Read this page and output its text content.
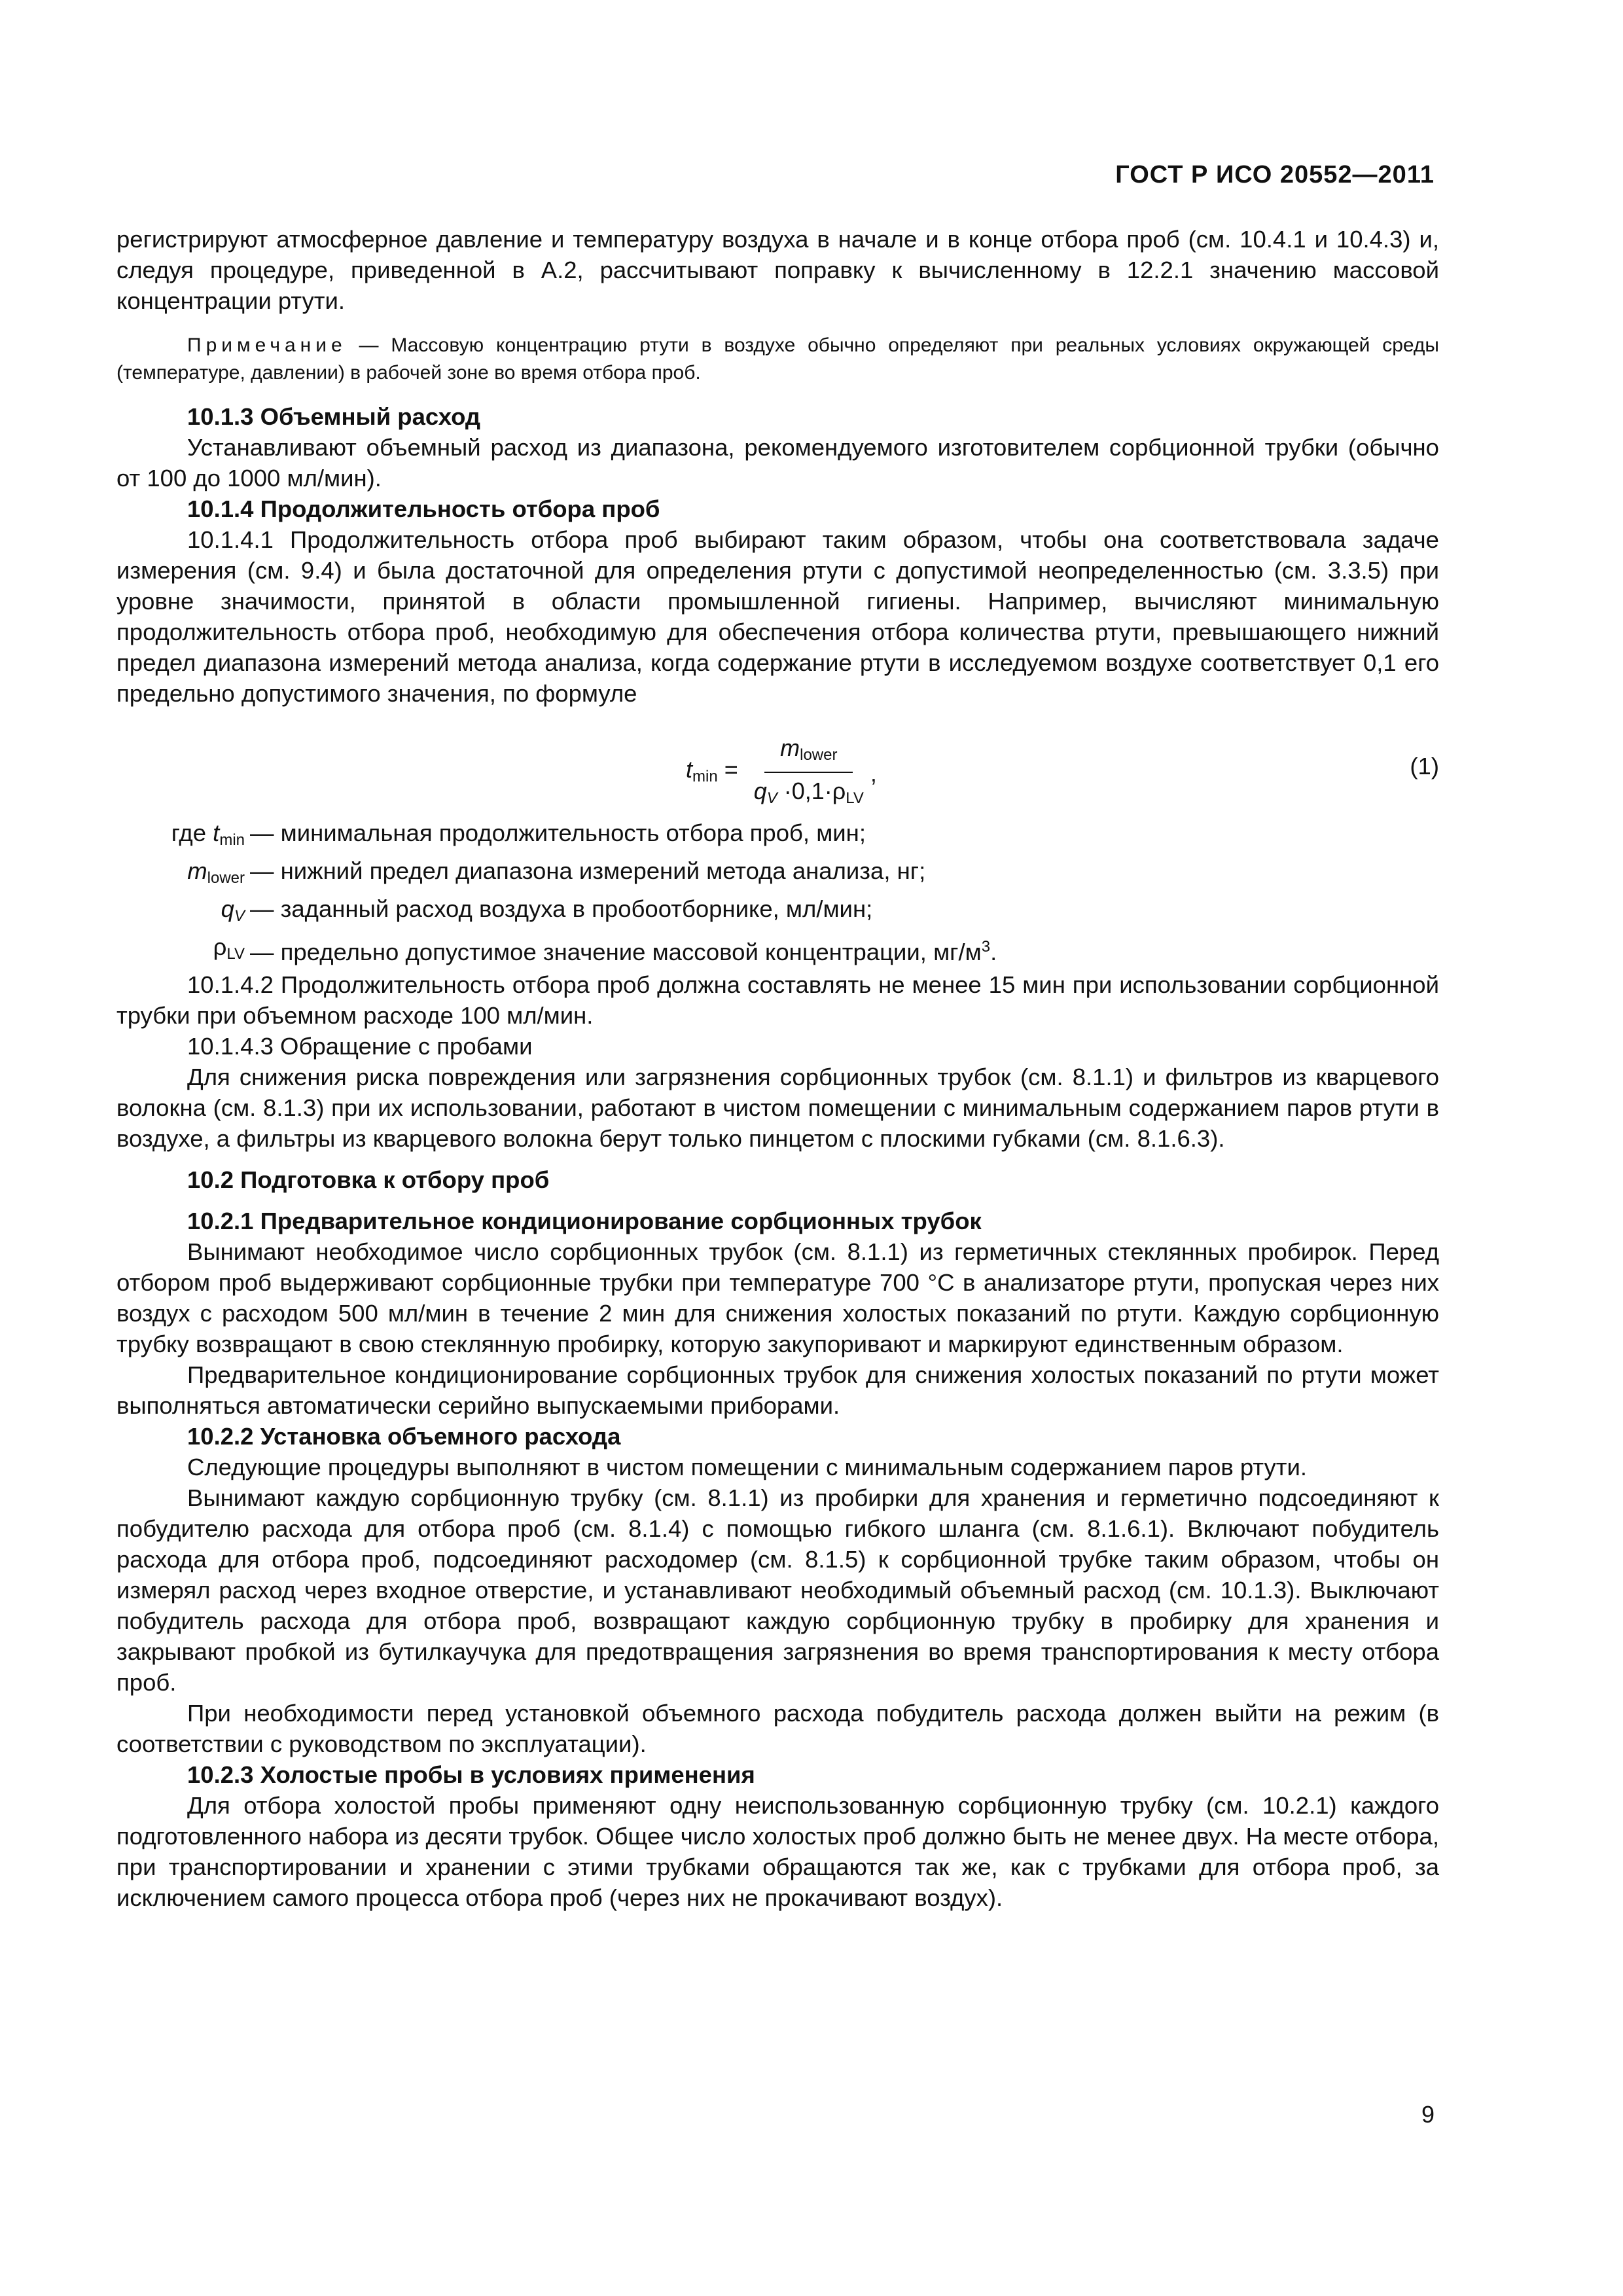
ГОСТ Р ИСО 20552—2011

регистрируют атмосферное давление и температуру воздуха в начале и в конце отбора проб (см. 10.4.1 и 10.4.3) и, следуя процедуре, приведенной в А.2, рассчитывают поправку к вычисленному в 12.2.1 значению массовой концентрации ртути.

Примечание — Массовую концентрацию ртути в воздухе обычно определяют при реальных условиях окружающей среды (температуре, давлении) в рабочей зоне во время отбора проб.

10.1.3 Объемный расход

Устанавливают объемный расход из диапазона, рекомендуемого изготовителем сорбционной трубки (обычно от 100 до 1000 мл/мин).

10.1.4 Продолжительность отбора проб

10.1.4.1 Продолжительность отбора проб выбирают таким образом, чтобы она соответствовала задаче измерения (см. 9.4) и была достаточной для определения ртути с допустимой неопределенностью (см. 3.3.5) при уровне значимости, принятой в области промышленной гигиены. Например, вычисляют минимальную продолжительность отбора проб, необходимую для обеспечения отбора количества ртути, превышающего нижний предел диапазона измерений метода анализа, когда содержание ртути в исследуемом воздухе соответствует 0,1 его предельно допустимого значения, по формуле

$t_{min} = \frac{m_{lower}}{q_V \cdot 0,1\cdot\rho_{LV}}$ ,	(1)
где $t_{min}$ — минимальная продолжительность отбора проб, мин;
$m_{lower}$ — нижний предел диапазона измерений метода анализа, нг;
$q_V$ — заданный расход воздуха в пробоотборнике, мл/мин;
$\rho_{LV}$ — предельно допустимое значение массовой концентрации, $мг/м^3$.

10.1.4.2 Продолжительность отбора проб должна составлять не менее 15 мин при использовании сорбционной трубки при объемном расходе 100 мл/мин.

10.1.4.3 Обращение с пробами

Для снижения риска повреждения или загрязнения сорбционных трубок (см. 8.1.1) и фильтров из кварцевого волокна (см. 8.1.3) при их использовании, работают в чистом помещении с минимальным содержанием паров ртути в воздухе, а фильтры из кварцевого волокна берут только пинцетом с плоскими губками (см. 8.1.6.3).

10.2 Подготовка к отбору проб
10.2.1 Предварительное кондиционирование сорбционных трубок

Вынимают необходимое число сорбционных трубок (см. 8.1.1) из герметичных стеклянных пробирок. Перед отбором проб выдерживают сорбционные трубки при температуре 700 °С в анализаторе ртути, пропуская через них воздух с расходом 500 мл/мин в течение 2 мин для снижения холостых показаний по ртути. Каждую сорбционную трубку возвращают в свою стеклянную пробирку, которую закупоривают и маркируют единственным образом.

Предварительное кондиционирование сорбционных трубок для снижения холостых показаний по ртути может выполняться автоматически серийно выпускаемыми приборами.

10.2.2 Установка объемного расхода

Следующие процедуры выполняют в чистом помещении с минимальным содержанием паров ртути.

Вынимают каждую сорбционную трубку (см. 8.1.1) из пробирки для хранения и герметично подсоединяют к побудителю расхода для отбора проб (см. 8.1.4) с помощью гибкого шланга (см. 8.1.6.1). Включают побудитель расхода для отбора проб, подсоединяют расходомер (см. 8.1.5) к сорбционной трубке таким образом, чтобы он измерял расход через входное отверстие, и устанавливают необходимый объемный расход (см. 10.1.3). Выключают побудитель расхода для отбора проб, возвращают каждую сорбционную трубку в пробирку для хранения и закрывают пробкой из бутилкаучука для предотвращения загрязнения во время транспортирования к месту отбора проб.

При необходимости перед установкой объемного расхода побудитель расхода должен выйти на режим (в соответствии с руководством по эксплуатации).

10.2.3 Холостые пробы в условиях применения

Для отбора холостой пробы применяют одну неиспользованную сорбционную трубку (см. 10.2.1) каждого подготовленного набора из десяти трубок. Общее число холостых проб должно быть не менее двух. На месте отбора, при транспортировании и хранении с этими трубками обращаются так же, как с трубками для отбора проб, за исключением самого процесса отбора проб (через них не прокачивают воздух).

9
